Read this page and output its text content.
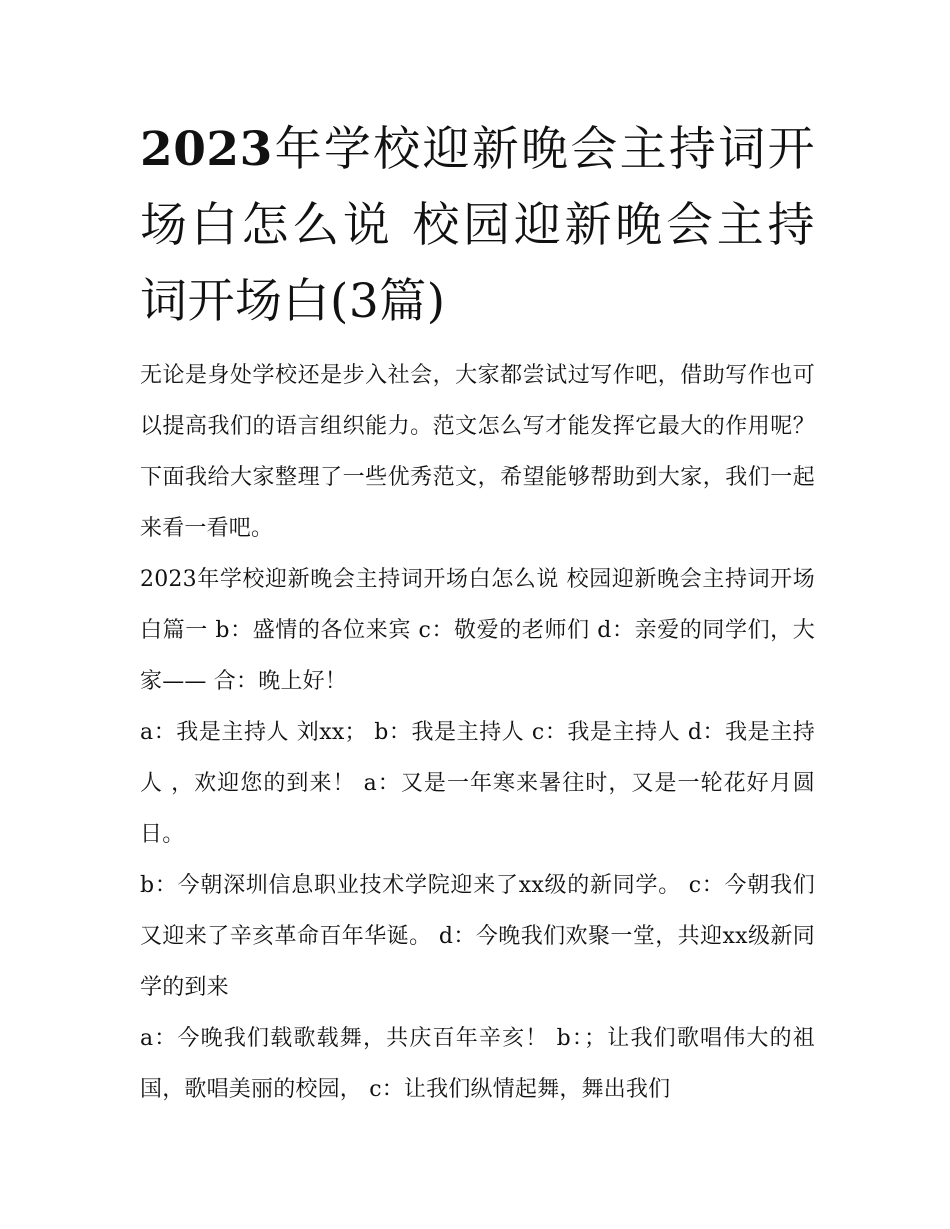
2023年学校迎新晚会主持词开场白怎么说 校园迎新晚会主持词开场白(3篇)

无论是身处学校还是步入社会，大家都尝试过写作吧，借助写作也可以提高我们的语言组织能力。范文怎么写才能发挥它最大的作用呢？下面我给大家整理了一些优秀范文，希望能够帮助到大家，我们一起来看一看吧。

2023年学校迎新晚会主持词开场白怎么说 校园迎新晚会主持词开场白篇一 b：盛情的各位来宾 c：敬爱的老师们 d：亲爱的同学们，大家—— 合：晚上好！

a：我是主持人 刘xx； b：我是主持人 c：我是主持人 d：我是主持人 ，欢迎您的到来！ a：又是一年寒来暑往时，又是一轮花好月圆日。

b：今朝深圳信息职业技术学院迎来了xx级的新同学。 c：今朝我们又迎来了辛亥革命百年华诞。 d：今晚我们欢聚一堂，共迎xx级新同学的到来

a：今晚我们载歌载舞，共庆百年辛亥！ b：；让我们歌唱伟大的祖国，歌唱美丽的校园， c：让我们纵情起舞，舞出我们
